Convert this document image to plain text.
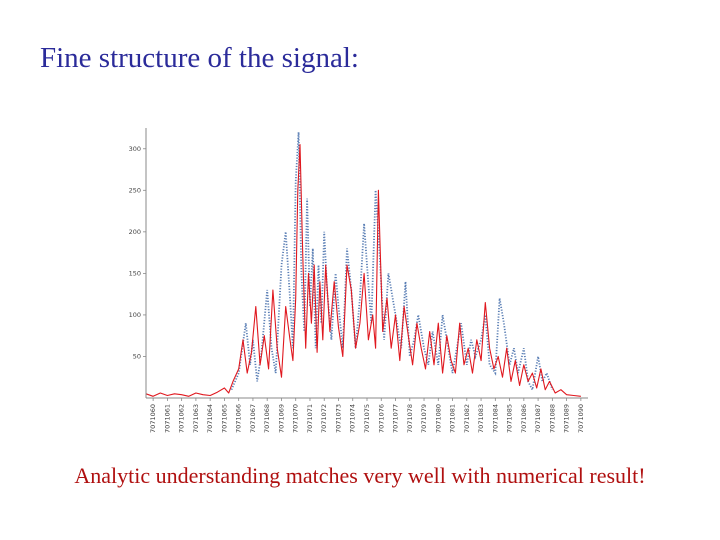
Fine structure of the signal:
50
100
150
200
250
300
7071060 7071061 7071062 7071063 7071064 7071065 7071066 7071067 7071068 7071069 7071070 7071071 7071072 7071073 7071074 7071075 7071076 7071077 7071078 7071079 7071080 7071081 7071082 7071083 7071084 7071085 7071086 7071087 7071088 7071089 7071090
Analytic understanding matches very well with numerical result!
